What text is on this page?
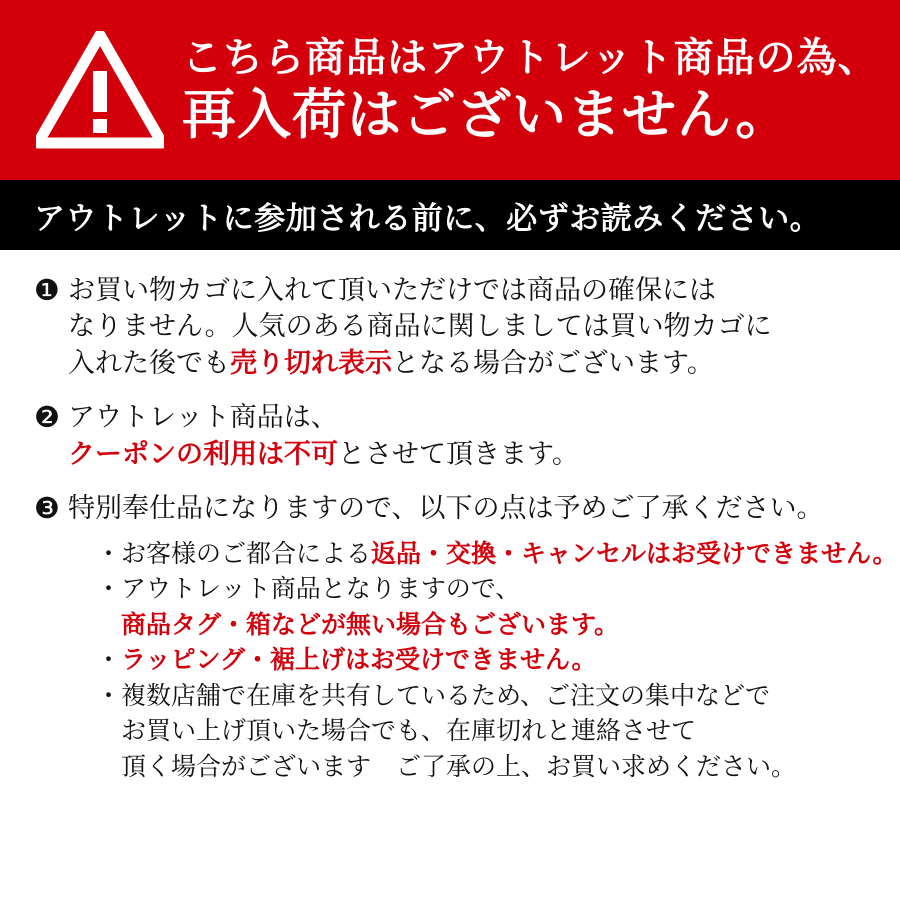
こちら商品はアウトレット商品の為、
再入荷はございません。
アウトレットに参加される前に、必ずお読みください。
❶ お買い物カゴに入れて頂いただけでは商品の確保には
なりません。人気のある商品に関しましては買い物カゴに
入れた後でも売り切れ表示となる場合がございます。
❷ アウトレット商品は、
クーポンの利用は不可とさせて頂きます。
❸ 特別奉仕品になりますので、以下の点は予めご了承ください。
・お客様のご都合による返品・交換・キャンセルはお受けできません。
・アウトレット商品となりますので、
　商品タグ・箱などが無い場合もございます。
・ラッピング・裾上げはお受けできません。
・複数店舗で在庫を共有しているため、ご注文の集中などで
　お買い上げ頂いた場合でも、在庫切れと連絡させて
　頂く場合がございます　ご了承の上、お買い求めください。
